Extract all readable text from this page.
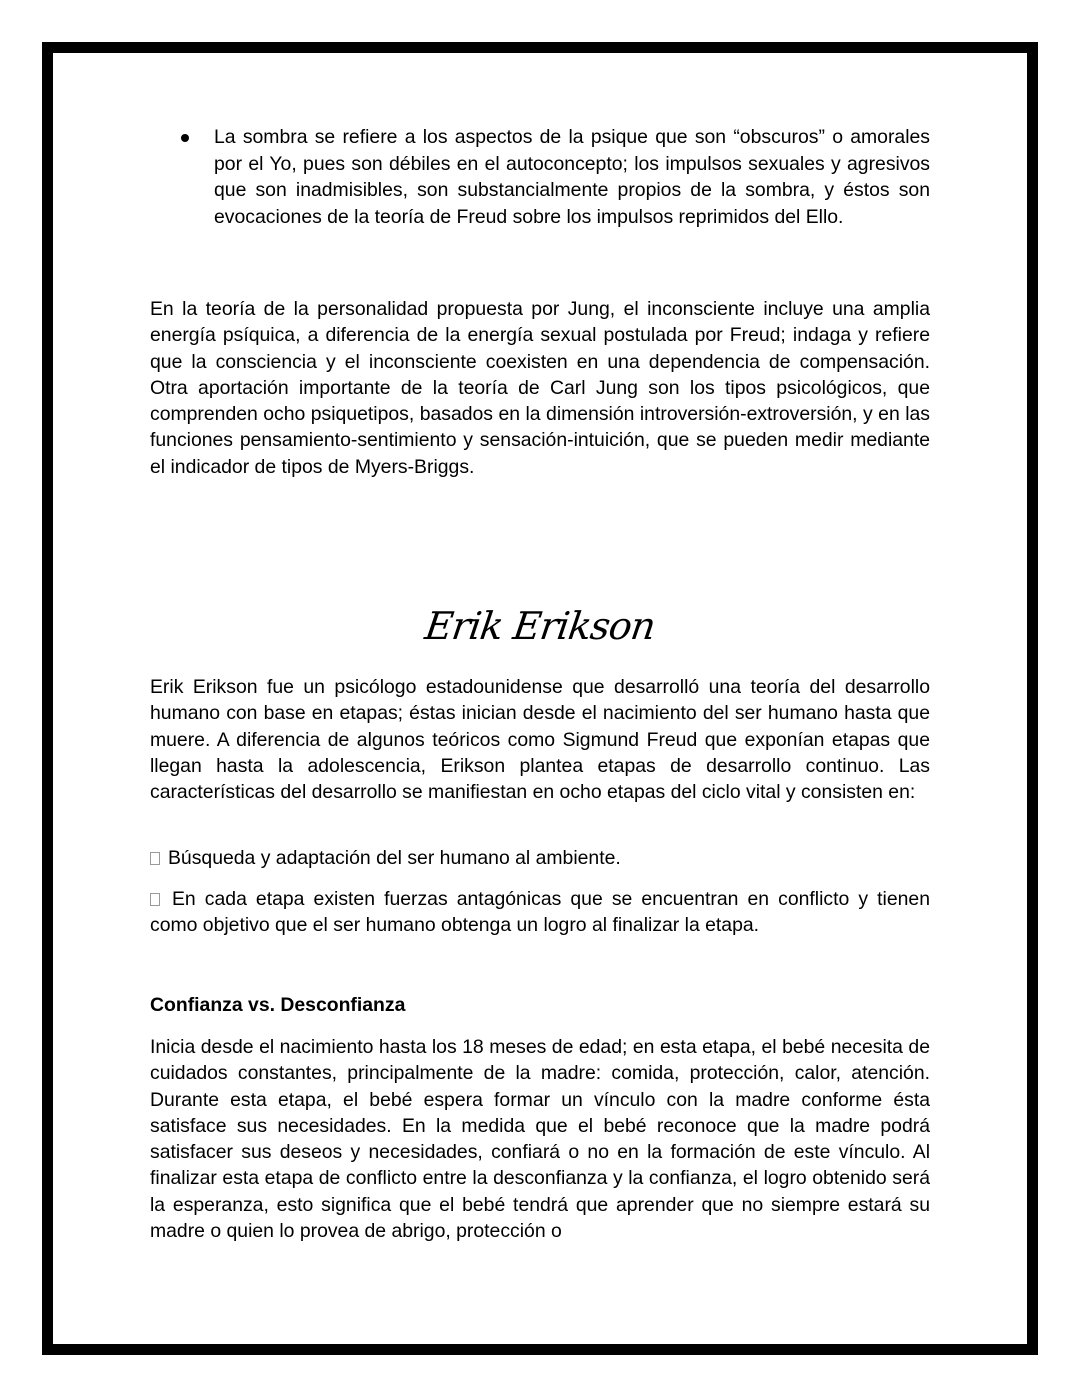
La sombra se refiere a los aspectos de la psique que son “obscuros” o amorales por el Yo, pues son débiles en el autoconcepto; los impulsos sexuales y agresivos que son inadmisibles, son substancialmente propios de la sombra, y éstos son evocaciones de la teoría de Freud sobre los impulsos reprimidos del Ello.

En la teoría de la personalidad propuesta por Jung, el inconsciente incluye una amplia energía psíquica, a diferencia de la energía sexual postulada por Freud; indaga y refiere que la consciencia y el inconsciente coexisten en una dependencia de compensación. Otra aportación importante de la teoría de Carl Jung son los tipos psicológicos, que comprenden ocho psiquetipos, basados en la dimensión introversión-extroversión, y en las funciones pensamiento-sentimiento y sensación-intuición, que se pueden medir mediante el indicador de tipos de Myers-Briggs.

Erik Erikson

Erik Erikson fue un psicólogo estadounidense que desarrolló una teoría del desarrollo humano con base en etapas; éstas inician desde el nacimiento del ser humano hasta que muere. A diferencia de algunos teóricos como Sigmund Freud que exponían etapas que llegan hasta la adolescencia, Erikson plantea etapas de desarrollo continuo. Las características del desarrollo se manifiestan en ocho etapas del ciclo vital y consisten en:

Búsqueda y adaptación del ser humano al ambiente.

En cada etapa existen fuerzas antagónicas que se encuentran en conflicto y tienen como objetivo que el ser humano obtenga un logro al finalizar la etapa.

Confianza vs. Desconfianza

Inicia desde el nacimiento hasta los 18 meses de edad; en esta etapa, el bebé necesita de cuidados constantes, principalmente de la madre: comida, protección, calor, atención. Durante esta etapa, el bebé espera formar un vínculo con la madre conforme ésta satisface sus necesidades. En la medida que el bebé reconoce que la madre podrá satisfacer sus deseos y necesidades, confiará o no en la formación de este vínculo. Al finalizar esta etapa de conflicto entre la desconfianza y la confianza, el logro obtenido será la esperanza, esto significa que el bebé tendrá que aprender que no siempre estará su madre o quien lo provea de abrigo, protección o
